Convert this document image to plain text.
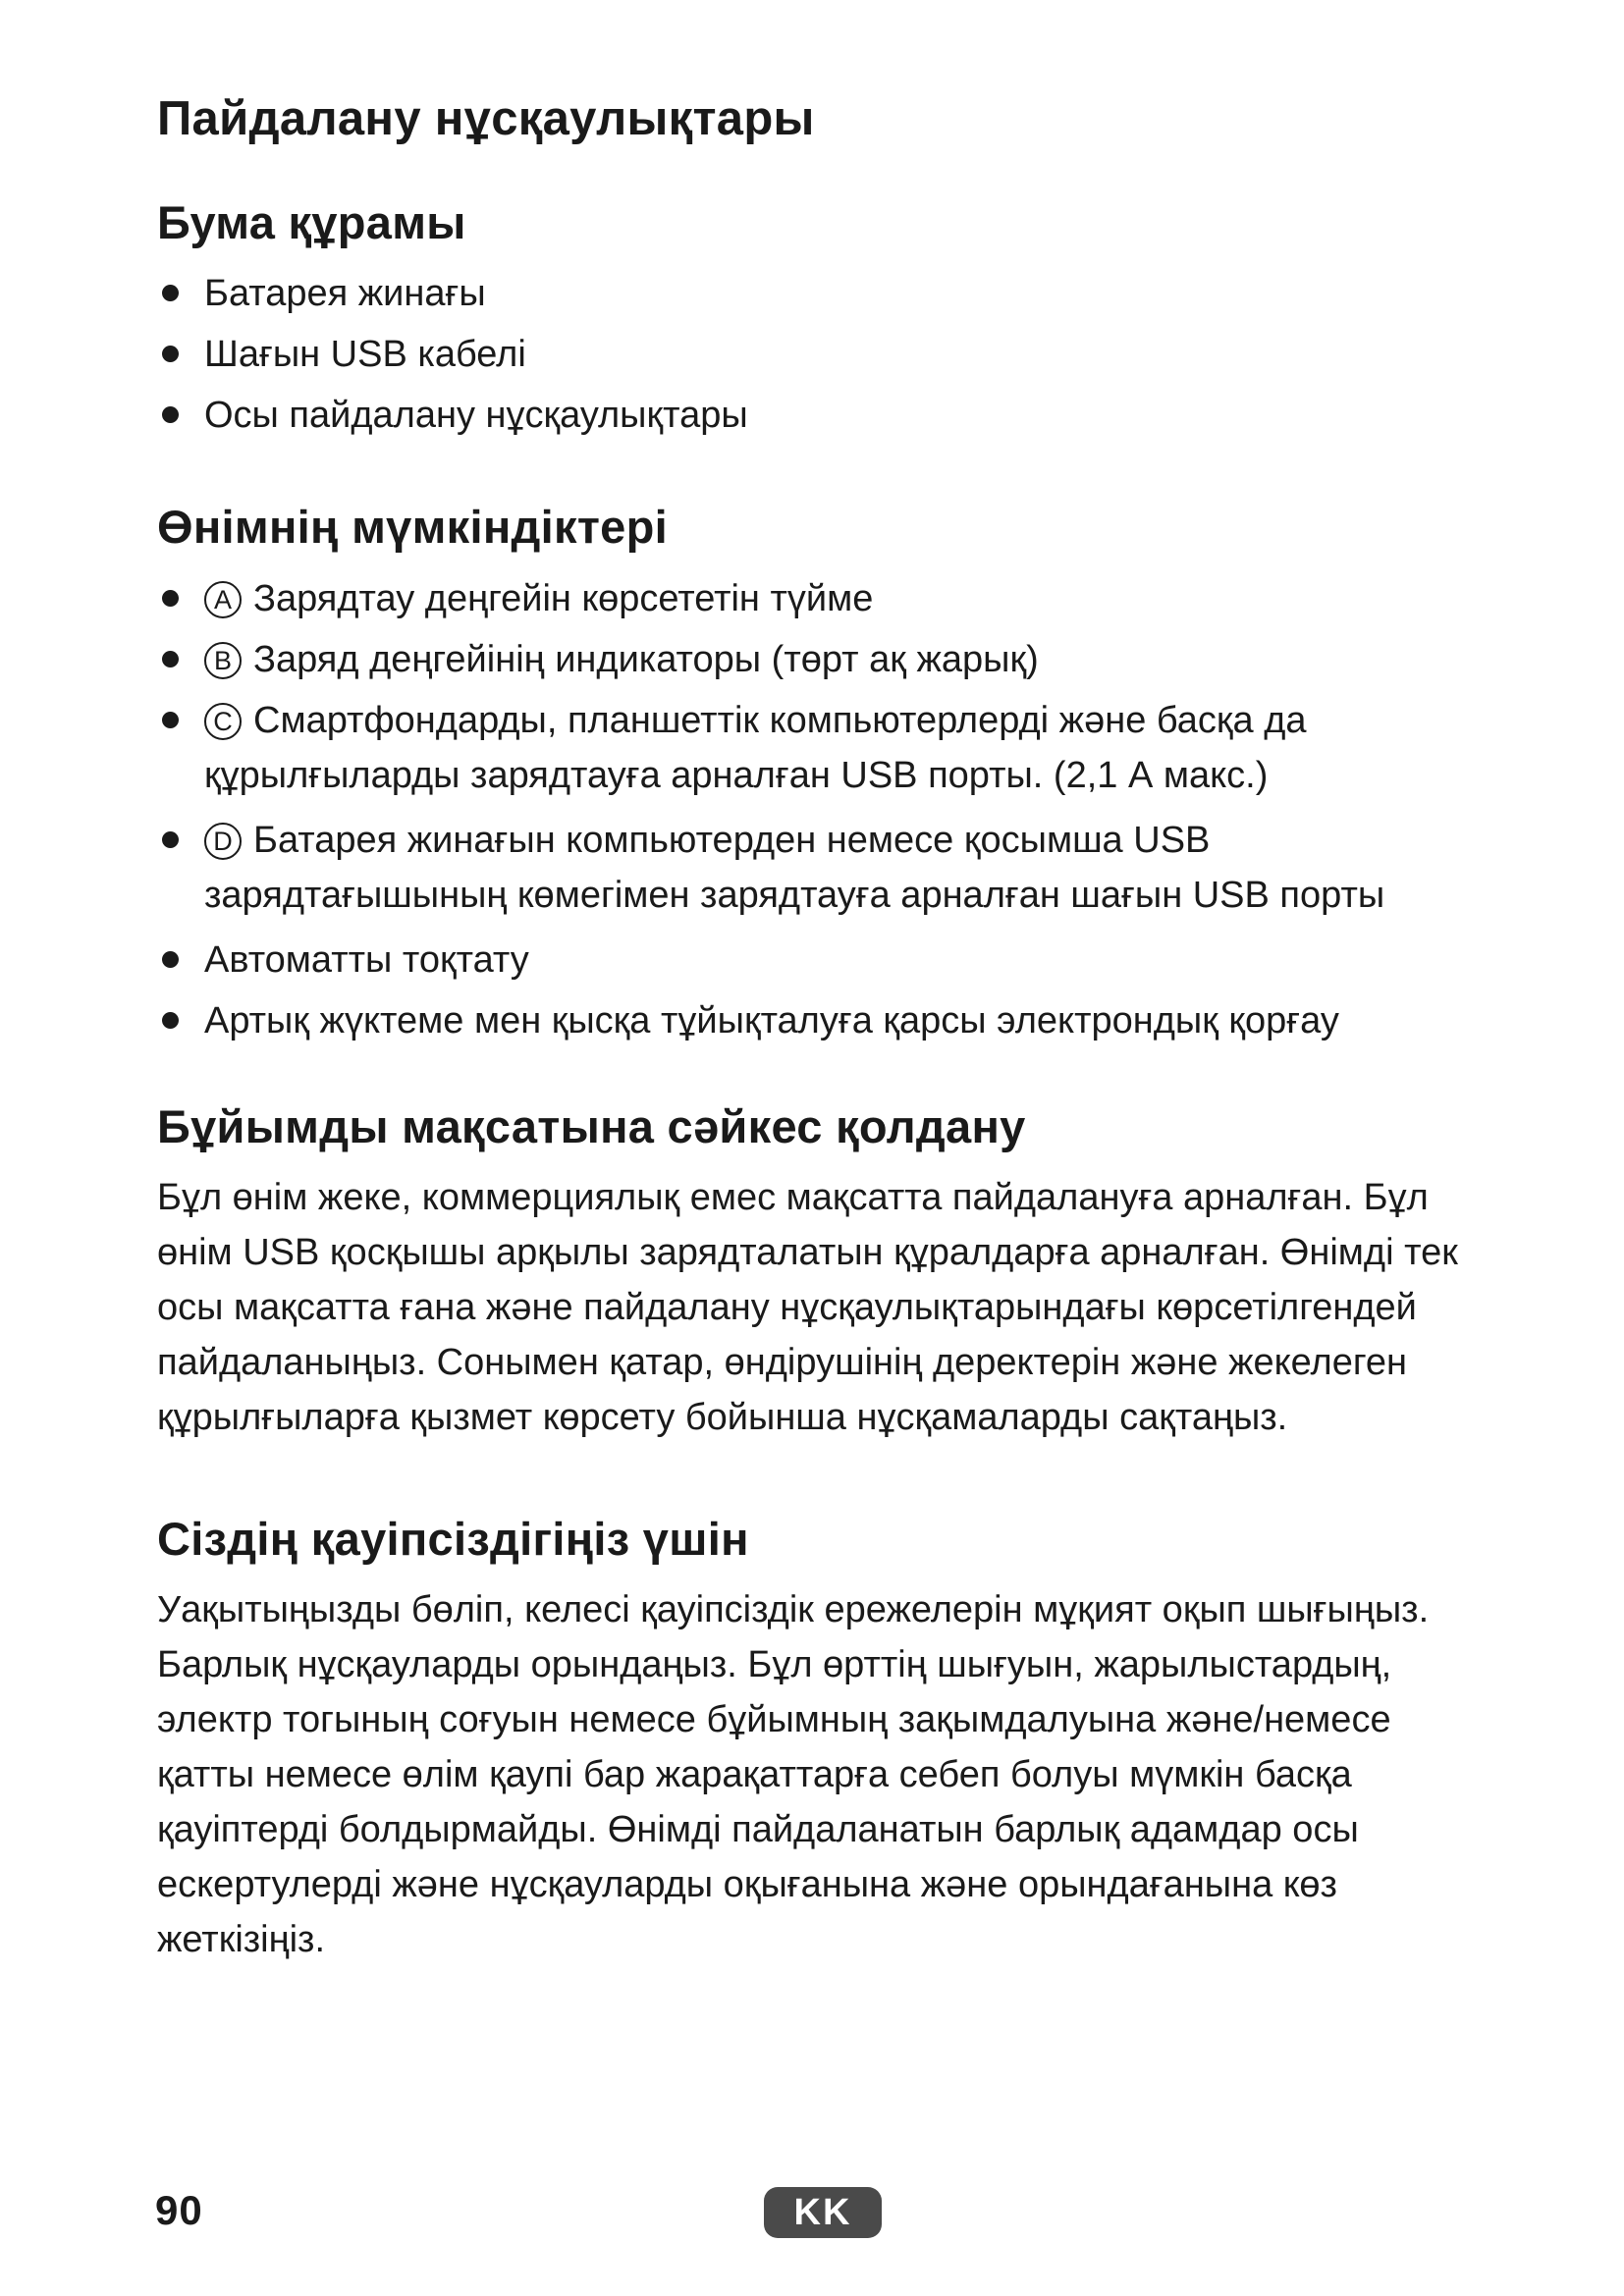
Пайдалану нұсқаулықтары
Бума құрамы
Батарея жинағы
Шағын USB кабелі
Осы пайдалану нұсқаулықтары
Өнімнің мүмкіндіктері
A Зарядтау деңгейін көрсететін түйме
B Заряд деңгейінің индикаторы (төрт ақ жарық)
C Смартфондарды, планшеттік компьютерлерді және басқа да құрылғыларды зарядтауға арналған USB порты. (2,1 А макс.)
D Батарея жинағын компьютерден немесе қосымша USB зарядтағышының көмегімен зарядтауға арналған шағын USB порты
Автоматты тоқтату
Артық жүктеме мен қысқа тұйықталуға қарсы электрондық қорғау
Бұйымды мақсатына сәйкес қолдану

Бұл өнім жеке, коммерциялық емес мақсатта пайдалануға арналған. Бұл өнім USB қосқышы арқылы зарядталатын құралдарға арналған. Өнімді тек осы мақсатта ғана және пайдалану нұсқаулықтарындағы көрсетілгендей пайдаланыңыз. Сонымен қатар, өндірушінің деректерін және жекелеген құрылғыларға қызмет көрсету бойынша нұсқамаларды сақтаңыз.

Сіздің қауіпсіздігіңіз үшін

Уақытыңызды бөліп, келесі қауіпсіздік ережелерін мұқият оқып шығыңыз. Барлық нұсқауларды орындаңыз. Бұл өрттің шығуын, жарылыстардың, электр тогының соғуын немесе бұйымның зақымдалуына және/немесе қатты немесе өлім қаупі бар жарақаттарға себеп болуы мүмкін басқа қауіптерді болдырмайды. Өнімді пайдаланатын барлық адамдар осы ескертулерді және нұсқауларды оқығанына және орындағанына көз жеткізіңіз.

90	KK
